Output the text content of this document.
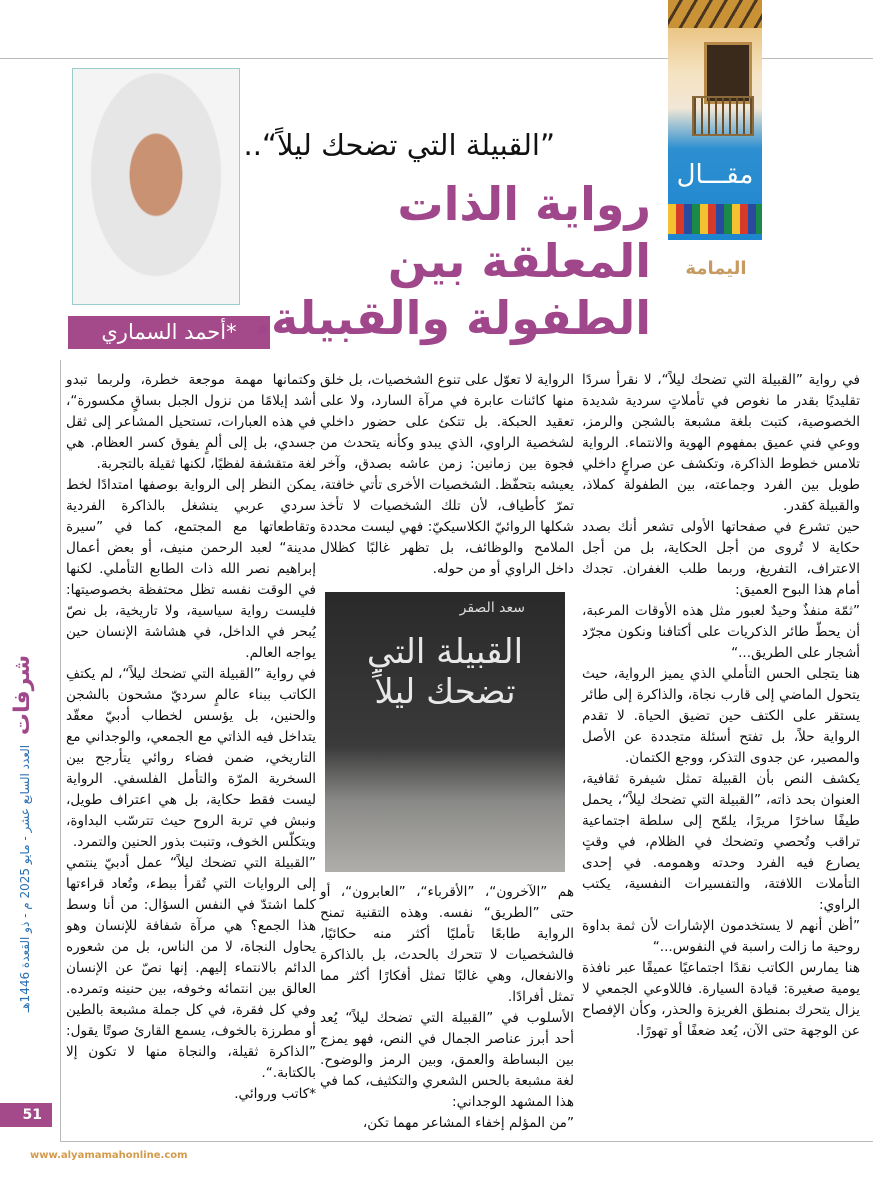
مقـــال
اليمامة
أحمد السماري*
”القبيلة التي تضحك ليلاً“..
رواية الذات المعلقة بين الطفولة والقبيلة.

في رواية ”القبيلة التي تضحك ليلاً“، لا نقرأ سردًا تقليديًا بقدر ما نغوص في تأملاتٍ سردية شديدة الخصوصية، كتبت بلغة مشبعة بالشجن والرمز، ووعي فني عميق بمفهوم الهوية والانتماء. الرواية تلامس خطوط الذاكرة، وتكشف عن صراعٍ داخلي طويل بين الفرد وجماعته، بين الطفولة كملاذ، والقبيلة كقدر.

حين تشرع في صفحاتها الأولى تشعر أنك بصدد حكاية لا تُروى من أجل الحكاية، بل من أجل الاعتراف، التفريغ، وربما طلب الغفران. تجدك أمام هذا البوح العميق:

”ثمّة منفذٌ وحيدٌ لعبور مثل هذه الأوقات المرعبة، أن يحطّ طائر الذكريات على أكتافنا ونكون مجرّد أشجار على الطريق...“

هنا يتجلى الحس التأملي الذي يميز الرواية، حيث يتحول الماضي إلى قارب نجاة، والذاكرة إلى طائر يستقر على الكتف حين تضيق الحياة. لا تقدم الرواية حلاً، بل تفتح أسئلة متجددة عن الأصل والمصير، عن جدوى التذكر، ووجع الكتمان.

يكشف النص بأن القبيلة تمثل شيفرة ثقافية، العنوان بحد ذاته، ”القبيلة التي تضحك ليلاً“، يحمل طيفًا ساخرًا مريرًا، يلمّح إلى سلطة اجتماعية تراقب وتُحصي وتضحك في الظلام، في وقتٍ يصارع فيه الفرد وحدته وهمومه. في إحدى التأملات اللافتة، والتفسيرات النفسية، يكتب الراوي:

”أظن أنهم لا يستخدمون الإشارات لأن ثمة بداوة روحية ما زالت راسبة في النفوس...“

هنا يمارس الكاتب نقدًا اجتماعيًا عميقًا عبر نافذة يومية صغيرة: قيادة السيارة. فاللاوعي الجمعي لا يزال يتحرك بمنطق الغريزة والحذر، وكأن الإفصاح عن الوجهة حتى الآن، يُعد ضعفًا أو تهورًا.

الرواية لا تعوّل على تنوع الشخصيات، بل خلق منها كائنات عابرة في مرآة السارد، ولا على تعقيد الحبكة. بل تتكئ على حضور داخلي لشخصية الراوي، الذي يبدو وكأنه يتحدث من فجوة بين زمانين: زمن عاشه بصدق، وآخر يعيشه بتحفّظ. الشخصيات الأخرى تأتي خافتة، تمرّ كأطياف، لأن تلك الشخصيات لا تأخذ شكلها الروائيّ الكلاسيكيّ: فهي ليست محددة الملامح والوظائف، بل تظهر غالبًا كظلال داخل الراوي أو من حوله.

سعد الصقر
القبيلة التي تضحك ليلاً

هم ”الآخرون“، ”الأقرباء“، ”العابرون“، أو حتى ”الطريق“ نفسه. وهذه التقنية تمنح الرواية طابعًا تأمليًا أكثر منه حكائيًا، فالشخصيات لا تتحرك بالحدث، بل بالذاكرة والانفعال، وهي غالبًا تمثل أفكارًا أكثر مما تمثل أفرادًا.

الأسلوب في ”القبيلة التي تضحك ليلاً“ يُعد أحد أبرز عناصر الجمال في النص، فهو يمزج بين البساطة والعمق، وبين الرمز والوضوح. لغة مشبعة بالحس الشعري والتكثيف، كما في هذا المشهد الوجداني:

”من المؤلم إخفاء المشاعر مهما تكن،

وكتمانها مهمة موجعة خطرة، ولربما تبدو أشد إيلامًا من نزول الجبل بساقٍ مكسورة“، في هذه العبارات، تستحيل المشاعر إلى ثقل جسدي، بل إلى ألمٍ يفوق كسر العظام. هي لغة متقشفة لفظيًا، لكنها ثقيلة بالتجربة.

يمكن النظر إلى الرواية بوصفها امتدادًا لخط سردي عربي ينشغل بالذاكرة الفردية وتقاطعاتها مع المجتمع، كما في ”سيرة مدينة“ لعبد الرحمن منيف، أو بعض أعمال إبراهيم نصر الله ذات الطابع التأملي. لكنها في الوقت نفسه تظل محتفظة بخصوصيتها: فليست رواية سياسية، ولا تاريخية، بل نصّ يُبحر في الداخل، في هشاشة الإنسان حين يواجه العالم.

في رواية ”القبيلة التي تضحك ليلاً“، لم يكتفِ الكاتب ببناء عالمٍ سرديّ مشحون بالشجن والحنين، بل يؤسس لخطاب أدبيّ معقّد يتداخل فيه الذاتي مع الجمعي، والوجداني مع التاريخي، ضمن فضاء روائي يتأرجح بين السخرية المرّة والتأمل الفلسفي. الرواية ليست فقط حكاية، بل هي اعتراف طويل، ونبش في تربة الروح حيث تترسّب البداوة، ويتكلّس الخوف، وتنبت بذور الحنين والتمرد.

”القبيلة التي تضحك ليلاً“ عمل أدبيّ ينتمي إلى الروايات التي تُقرأ ببطء، وتُعاد قراءتها كلما اشتدّ في النفس السؤال: من أنا وسط هذا الجمع؟ هي مرآة شفافة للإنسان وهو يحاول النجاة، لا من الناس، بل من شعوره الدائم بالانتماء إليهم. إنها نصّ عن الإنسان العالق بين انتمائه وخوفه، بين حنينه وتمرده. وفي كل فقرة، في كل جملة مشبعة بالطين أو مطرزة بالخوف، يسمع القارئ صوتًا يقول: ”الذاكرة ثقيلة، والنجاة منها لا تكون إلا بالكتابة.“.

*كاتب وروائي.

شرفات العدد السابع عشر - مايو 2025 م - ذو القعدة 1446هـ
51
www.alyamamahonline.com
